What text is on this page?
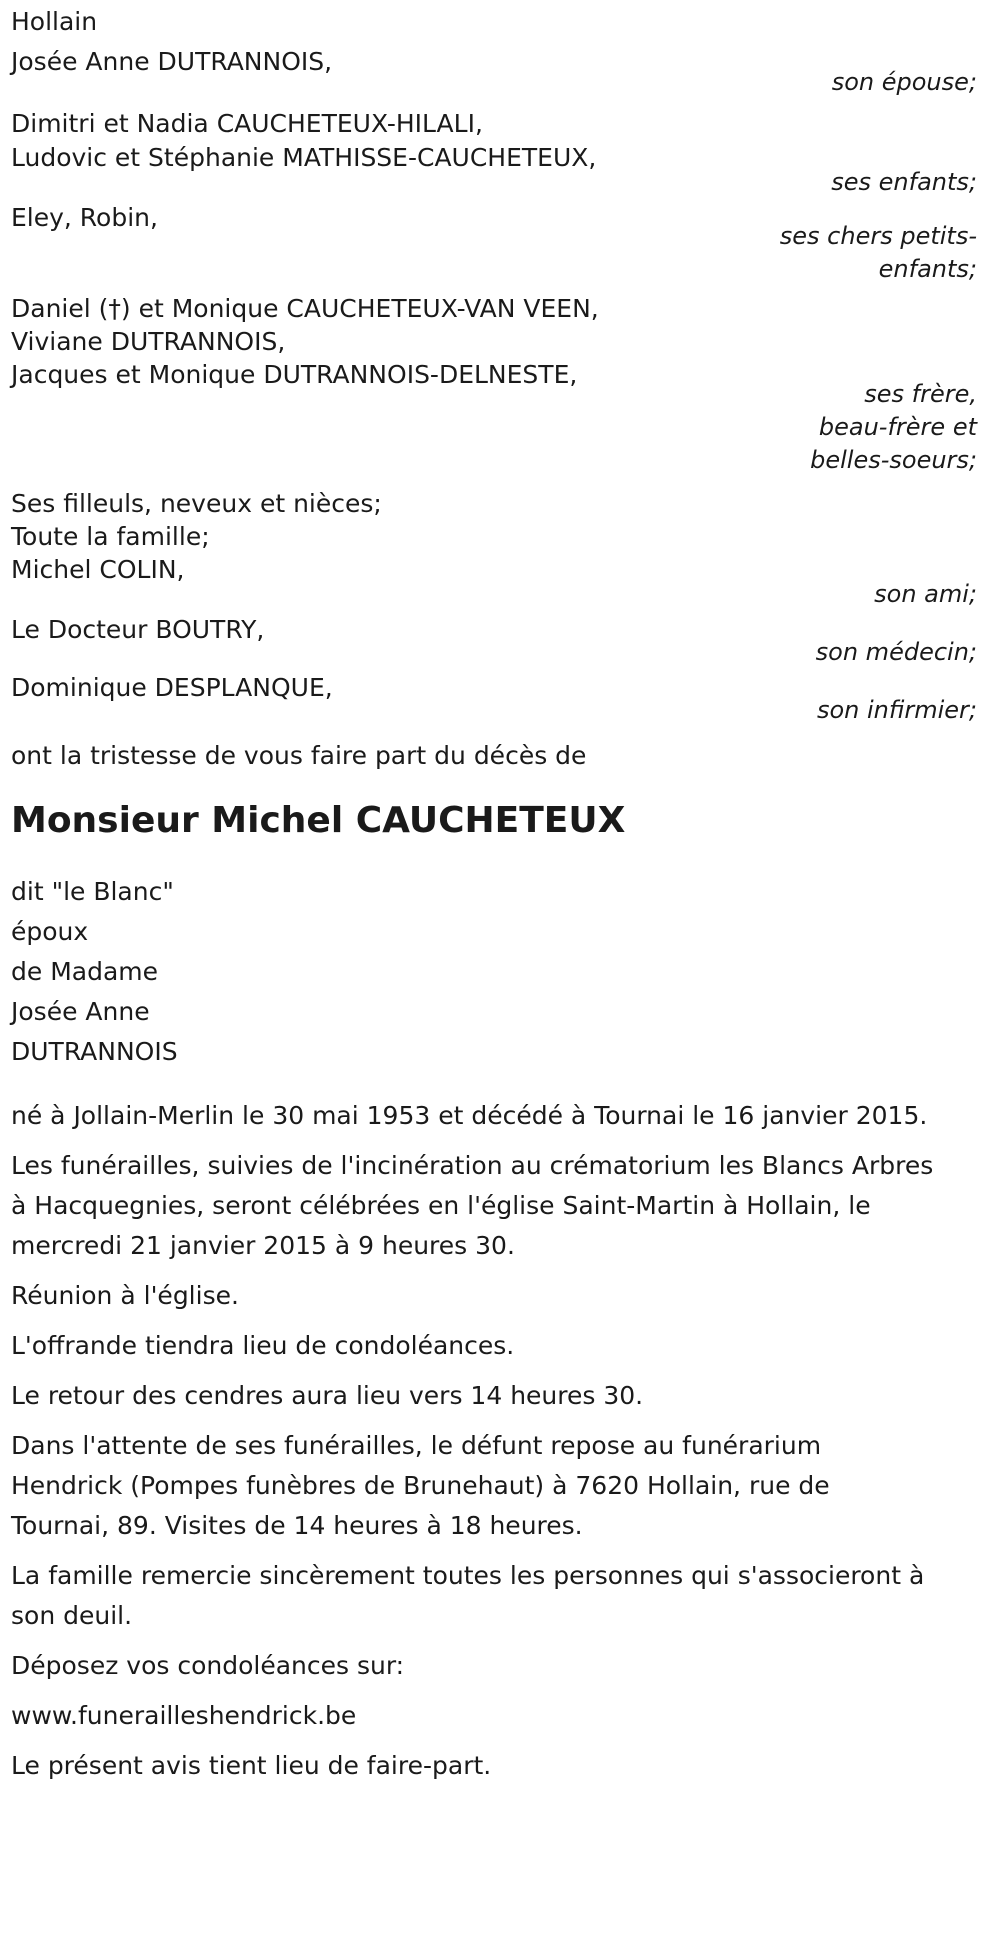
Hollain

Josée Anne DUTRANNOIS,

son épouse;

Dimitri et Nadia CAUCHETEUX-HILALI,

Ludovic et Stéphanie MATHISSE-CAUCHETEUX,

ses enfants;

Eley, Robin,

ses chers petits-
enfants;

Daniel (†) et Monique CAUCHETEUX-VAN VEEN,

Viviane DUTRANNOIS,

Jacques et Monique DUTRANNOIS-DELNESTE,

ses frère,
beau-frère et
belles-soeurs;

Ses filleuls, neveux et nièces;

Toute la famille;

Michel COLIN,

son ami;

Le Docteur BOUTRY,

son médecin;

Dominique DESPLANQUE,

son infirmier;

ont la tristesse de vous faire part du décès de

Monsieur Michel CAUCHETEUX

dit "le Blanc"

époux

de Madame

Josée Anne

DUTRANNOIS

né à Jollain-Merlin le 30 mai 1953 et décédé à Tournai le 16 janvier 2015.

Les funérailles, suivies de l'incinération au crématorium les Blancs Arbres

à Hacquegnies, seront célébrées en l'église Saint-Martin à Hollain, le

mercredi 21 janvier 2015 à 9 heures 30.

Réunion à l'église.

L'offrande tiendra lieu de condoléances.

Le retour des cendres aura lieu vers 14 heures 30.

Dans l'attente de ses funérailles, le défunt repose au funérarium

Hendrick (Pompes funèbres de Brunehaut) à 7620 Hollain, rue de

Tournai, 89. Visites de 14 heures à 18 heures.

La famille remercie sincèrement toutes les personnes qui s'associeront à

son deuil.

Déposez vos condoléances sur:

www.funerailleshendrick.be

Le présent avis tient lieu de faire-part.
